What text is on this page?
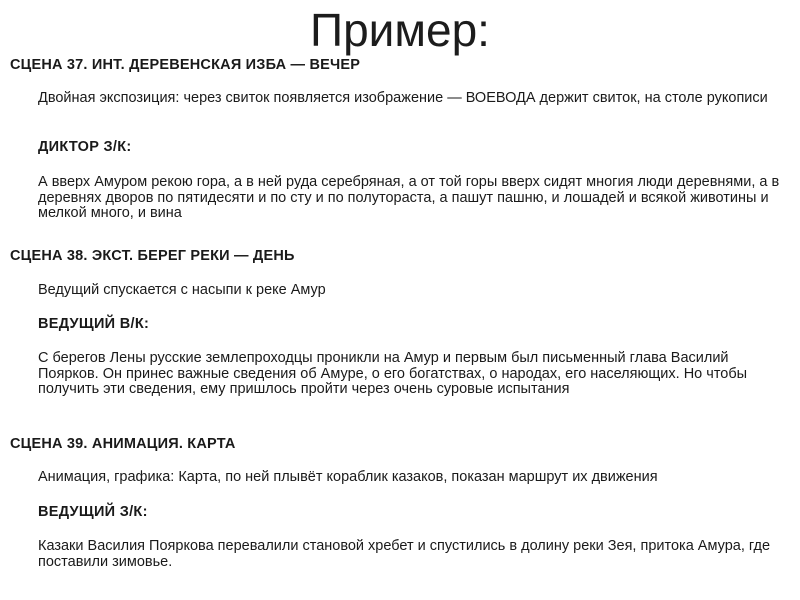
Пример:
СЦЕНА 37. ИНТ. ДЕРЕВЕНСКАЯ ИЗБА — ВЕЧЕР
Двойная экспозиция: через свиток появляется изображение — ВОЕВОДА держит свиток, на столе рукописи
ДИКТОР З/К:
А вверх Амуром рекою гора, а в ней руда серебряная, а от той горы вверх сидят многия люди деревнями, а в деревнях дворов по пятидесяти и по сту и по полутораста, а пашут пашню, и лошадей и всякой животины и мелкой много, и вина
СЦЕНА 38. ЭКСТ. БЕРЕГ РЕКИ — ДЕНЬ
Ведущий спускается с насыпи к реке Амур
ВЕДУЩИЙ В/К:
С берегов Лены русские землепроходцы проникли на Амур и первым был письменный глава Василий Поярков. Он принес важные сведения об Амуре, о его богатствах, о народах, его населяющих. Но чтобы получить эти сведения, ему пришлось пройти через очень суровые испытания
СЦЕНА 39. АНИМАЦИЯ. КАРТА
Анимация, графика: Карта, по ней плывёт кораблик казаков, показан маршрут их движения
ВЕДУЩИЙ З/К:
Казаки Василия Пояркова перевалили становой хребет и спустились в долину реки Зея, притока Амура, где поставили зимовье.
